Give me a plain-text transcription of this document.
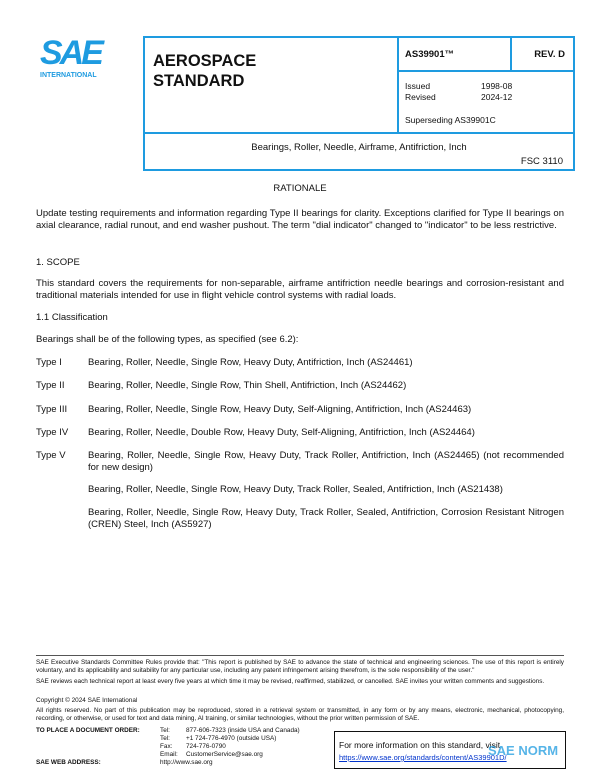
SAE
INTERNATIONAL
AEROSPACE
STANDARD
AS39901™	REV. D
Issued	1998-08
Revised	2024-12
Superseding AS39901C
Bearings, Roller, Needle, Airframe, Antifriction, Inch
FSC 3110
RATIONALE
Update testing requirements and information regarding Type II bearings for clarity. Exceptions clarified for Type II bearings on axial clearance, radial runout, and end washer pushout. The term "dial indicator" changed to "indicator" to be less restrictive.
1. SCOPE
This standard covers the requirements for non-separable, airframe antifriction needle bearings and corrosion-resistant and traditional materials intended for use in flight vehicle control systems with radial loads.
1.1 Classification
Bearings shall be of the following types, as specified (see 6.2):
Type I	Bearing, Roller, Needle, Single Row, Heavy Duty, Antifriction, Inch (AS24461)
Type II Bearing, Roller, Needle, Single Row, Thin Shell, Antifriction, Inch (AS24462)
Type III Bearing, Roller, Needle, Single Row, Heavy Duty, Self-Aligning, Antifriction, Inch (AS24463)
Type IV Bearing, Roller, Needle, Double Row, Heavy Duty, Self-Aligning, Antifriction, Inch (AS24464)
Type V Bearing, Roller, Needle, Single Row, Heavy Duty, Track Roller, Antifriction, Inch (AS24465) (not recommended for new design)
Bearing, Roller, Needle, Single Row, Heavy Duty, Track Roller, Sealed, Antifriction, Inch (AS21438)
Bearing, Roller, Needle, Single Row, Heavy Duty, Track Roller, Sealed, Antifriction, Corrosion Resistant Nitrogen (CREN) Steel, Inch (AS5927)
SAE Executive Standards Committee Rules provide that: "This report is published by SAE to advance the state of technical and engineering sciences. The use of this report is entirely voluntary, and its applicability and suitability for any particular use, including any patent infringement arising therefrom, is the sole responsibility of the user."
SAE reviews each technical report at least every five years at which time it may be revised, reaffirmed, stabilized, or cancelled. SAE invites your written comments and suggestions.
Copyright © 2024 SAE International
All rights reserved. No part of this publication may be reproduced, stored in a retrieval system or transmitted, in any form or by any means, electronic, mechanical, photocopying, recording, or otherwise, or used for text and data mining, AI training, or similar technologies, without the prior written permission of SAE.
TO PLACE A DOCUMENT ORDER:	Tel:	877-606-7323 (inside USA and Canada)
Tel:	+1 724-776-4970 (outside USA)
Fax: 724-776-0790
Email: CustomerService@sae.org
SAE WEB ADDRESS:	http://www.sae.org
For more information on this standard, visit
https://www.sae.org/standards/content/AS39901D/
SAE NORM
